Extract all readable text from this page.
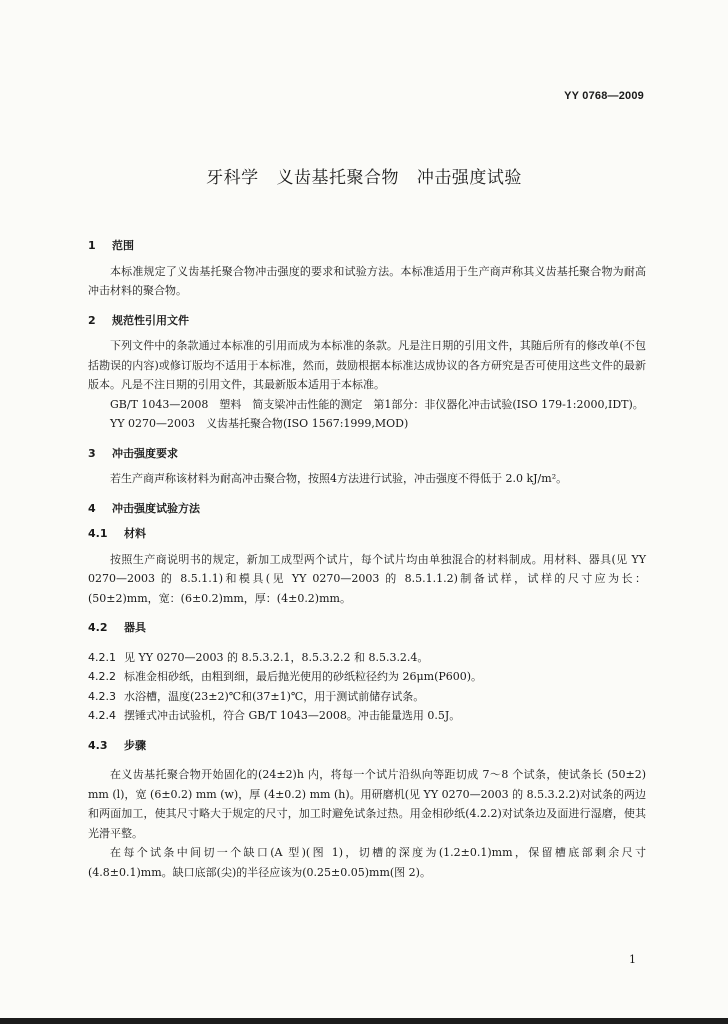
YY 0768—2009
牙科学 义齿基托聚合物 冲击强度试验
1 范围

本标准规定了义齿基托聚合物冲击强度的要求和试验方法。本标准适用于生产商声称其义齿基托聚合物为耐高冲击材料的聚合物。

2 规范性引用文件

下列文件中的条款通过本标准的引用而成为本标准的条款。凡是注日期的引用文件，其随后所有的修改单(不包括勘误的内容)或修订版均不适用于本标准，然而，鼓励根据本标准达成协议的各方研究是否可使用这些文件的最新版本。凡是不注日期的引用文件，其最新版本适用于本标准。

GB/T 1043—2008　塑料　简支梁冲击性能的测定　第1部分：非仪器化冲击试验(ISO 179-1:2000,IDT)。

YY 0270—2003　义齿基托聚合物(ISO 1567:1999,MOD)

3 冲击强度要求

若生产商声称该材料为耐高冲击聚合物，按照4方法进行试验，冲击强度不得低于 2.0 kJ/m²。

4 冲击强度试验方法
4.1 材料

按照生产商说明书的规定，新加工成型两个试片，每个试片均由单独混合的材料制成。用材料、器具(见 YY 0270—2003 的 8.5.1.1)和模具(见 YY 0270—2003 的 8.5.1.1.2)制备试样，试样的尺寸应为长：(50±2)mm，宽：(6±0.2)mm，厚：(4±0.2)mm。

4.2 器具
4.2.1 见 YY 0270—2003 的 8.5.3.2.1，8.5.3.2.2 和 8.5.3.2.4。
4.2.2 标准金相砂纸，由粗到细，最后抛光使用的砂纸粒径约为 26μm(P600)。
4.2.3 水浴槽，温度(23±2)℃和(37±1)℃，用于测试前储存试条。
4.2.4 摆锤式冲击试验机，符合 GB/T 1043—2008。冲击能量选用 0.5J。
4.3 步骤

在义齿基托聚合物开始固化的(24±2)h 内，将每一个试片沿纵向等距切成 7～8 个试条，使试条长 (50±2) mm (l)，宽 (6±0.2) mm (w)，厚 (4±0.2) mm (h)。用研磨机(见 YY 0270—2003 的 8.5.3.2.2)对试条的两边和两面加工，使其尺寸略大于规定的尺寸，加工时避免试条过热。用金相砂纸(4.2.2)对试条边及面进行湿磨，使其光滑平整。

在每个试条中间切一个缺口(A 型)(图 1)，切槽的深度为(1.2±0.1)mm，保留槽底部剩余尺寸(4.8±0.1)mm。缺口底部(尖)的半径应该为(0.25±0.05)mm(图 2)。

1
